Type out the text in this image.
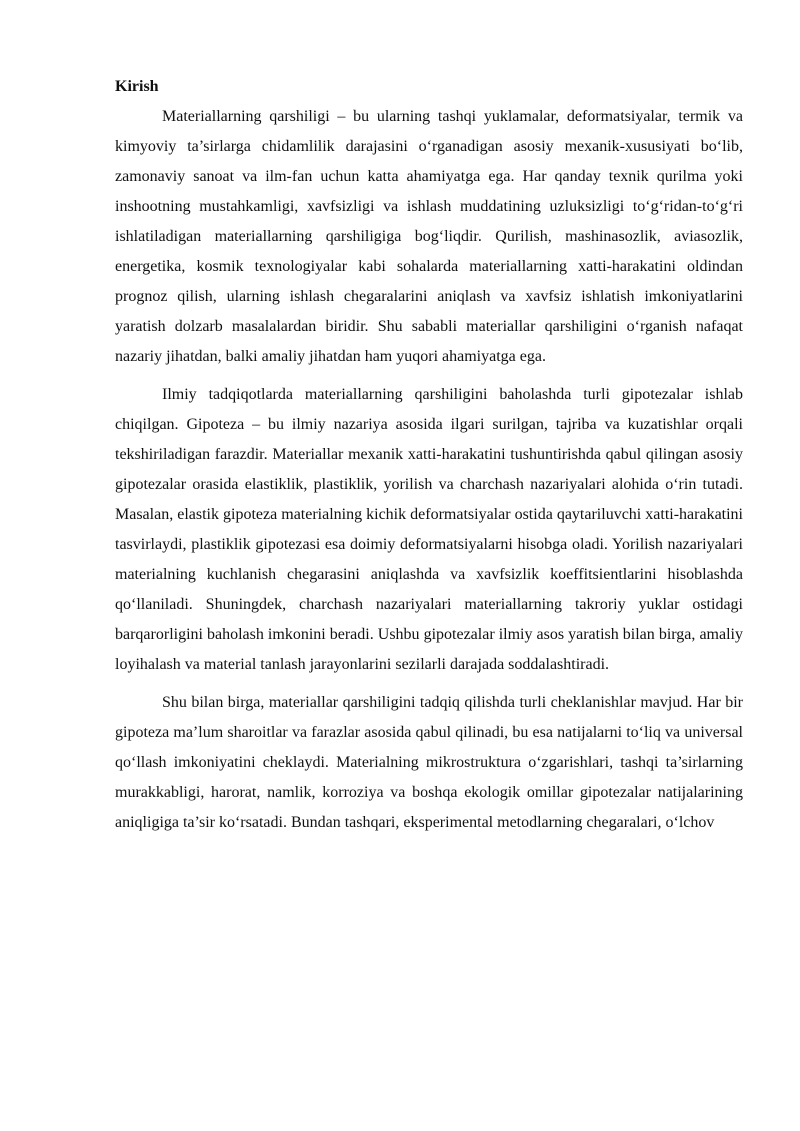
Kirish

Materiallarning qarshiligi – bu ularning tashqi yuklamalar, deformatsiyalar, termik va kimyoviy ta’sirlarga chidamlilik darajasini o‘rganadigan asosiy mexanik-xususiyati bo‘lib, zamonaviy sanoat va ilm-fan uchun katta ahamiyatga ega. Har qanday texnik qurilma yoki inshootning mustahkamligi, xavfsizligi va ishlash muddatining uzluksizligi to‘g‘ridan-to‘g‘ri ishlatiladigan materiallarning qarshiligiga bog‘liqdir. Qurilish, mashinasozlik, aviasozlik, energetika, kosmik texnologiyalar kabi sohalarda materiallarning xatti-harakatini oldindan prognoz qilish, ularning ishlash chegaralarini aniqlash va xavfsiz ishlatish imkoniyatlarini yaratish dolzarb masalalardan biridir. Shu sababli materiallar qarshiligini o‘rganish nafaqat nazariy jihatdan, balki amaliy jihatdan ham yuqori ahamiyatga ega.

Ilmiy tadqiqotlarda materiallarning qarshiligini baholashda turli gipotezalar ishlab chiqilgan. Gipoteza – bu ilmiy nazariya asosida ilgari surilgan, tajriba va kuzatishlar orqali tekshiriladigan farazdir. Materiallar mexanik xatti-harakatini tushuntirishda qabul qilingan asosiy gipotezalar orasida elastiklik, plastiklik, yorilish va charchash nazariyalari alohida o‘rin tutadi. Masalan, elastik gipoteza materialning kichik deformatsiyalar ostida qaytariluvchi xatti-harakatini tasvirlaydi, plastiklik gipotezasi esa doimiy deformatsiyalarni hisobga oladi. Yorilish nazariyalari materialning kuchlanish chegarasini aniqlashda va xavfsizlik koeffitsientlarini hisoblashda qo‘llaniladi. Shuningdek, charchash nazariyalari materiallarning takroriy yuklar ostidagi barqarorligini baholash imkonini beradi. Ushbu gipotezalar ilmiy asos yaratish bilan birga, amaliy loyihalash va material tanlash jarayonlarini sezilarli darajada soddalashtiradi.

Shu bilan birga, materiallar qarshiligini tadqiq qilishda turli cheklanishlar mavjud. Har bir gipoteza ma’lum sharoitlar va farazlar asosida qabul qilinadi, bu esa natijalarni to‘liq va universal qo‘llash imkoniyatini cheklaydi. Materialning mikrostruktura o‘zgarishlari, tashqi ta’sirlarning murakkabligi, harorat, namlik, korroziya va boshqa ekologik omillar gipotezalar natijalarining aniqligiga ta’sir ko‘rsatadi. Bundan tashqari, eksperimental metodlarning chegaralari, o‘lchov
